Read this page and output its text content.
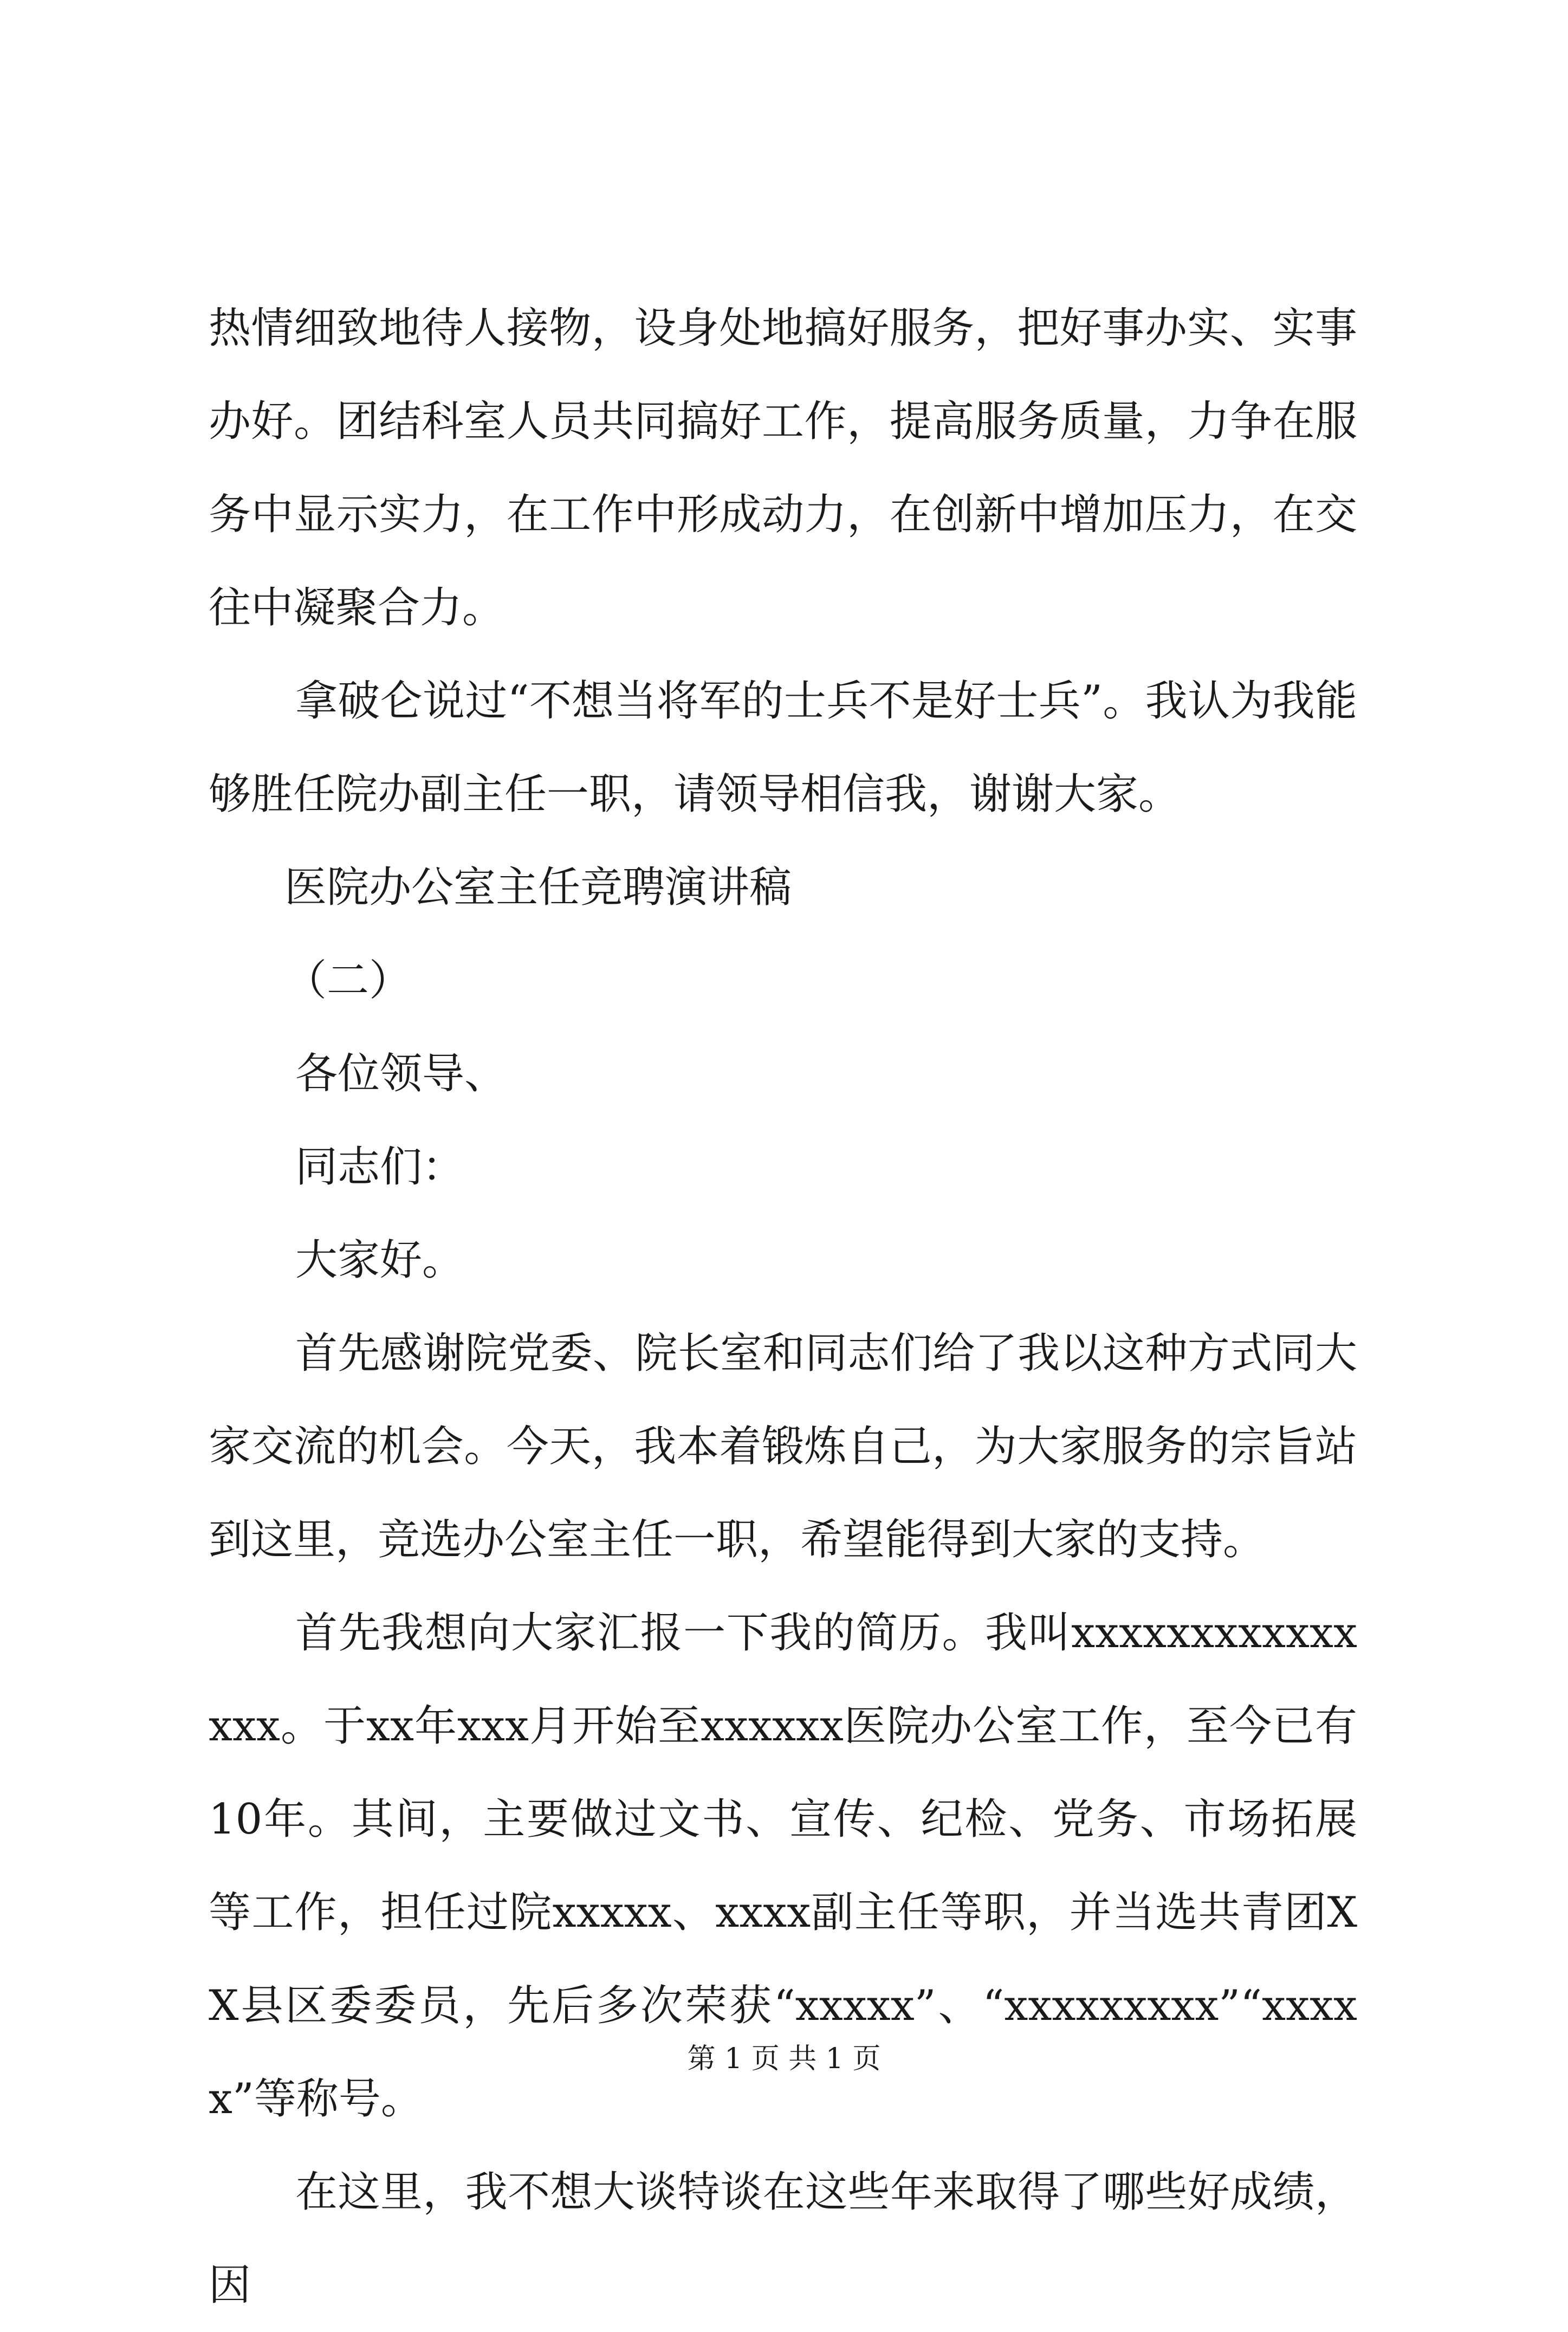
热情细致地待人接物，设身处地搞好服务，把好事办实、实事办好。团结科室人员共同搞好工作，提高服务质量，力争在服务中显示实力，在工作中形成动力，在创新中增加压力，在交往中凝聚合力。

拿破仑说过“不想当将军的士兵不是好士兵”。我认为我能够胜任院办副主任一职，请领导相信我，谢谢大家。

医院办公室主任竞聘演讲稿

（二）

各位领导、

同志们：

大家好。

首先感谢院党委、院长室和同志们给了我以这种方式同大家交流的机会。今天，我本着锻炼自己，为大家服务的宗旨站到这里，竞选办公室主任一职，希望能得到大家的支持。

首先我想向大家汇报一下我的简历。我叫xxxxxxxxxxxxxxx。于xx年xxx月开始至xxxxxx医院办公室工作，至今已有10年。其间，主要做过文书、宣传、纪检、党务、市场拓展等工作，担任过院xxxxx、xxxx副主任等职，并当选共青团XX县区委委员，先后多次荣获“xxxxx”、“xxxxxxxxx”“xxxxx”等称号。

在这里，我不想大谈特谈在这些年来取得了哪些好成绩，因

第 1 页 共 1 页
